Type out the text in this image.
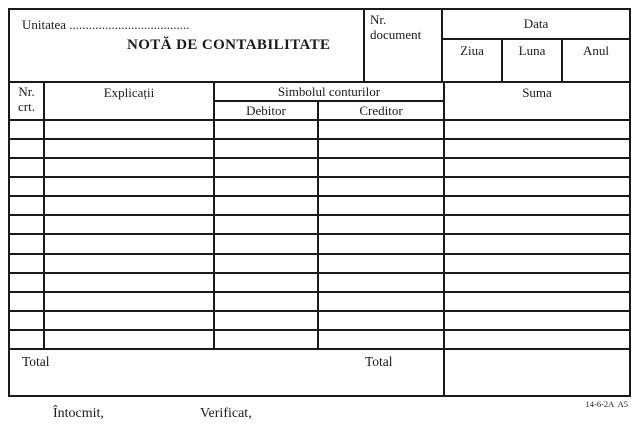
Unitatea .....................................
NOTĂ DE CONTABILITATE
Nr. document
Data
Ziua	Luna	Anul
Nr. crt.
Explicații	Simbolul conturilor
Debitor	Creditor
Suma
Total	Total
14-6-2A  A5
Întocmit,	Verificat,
